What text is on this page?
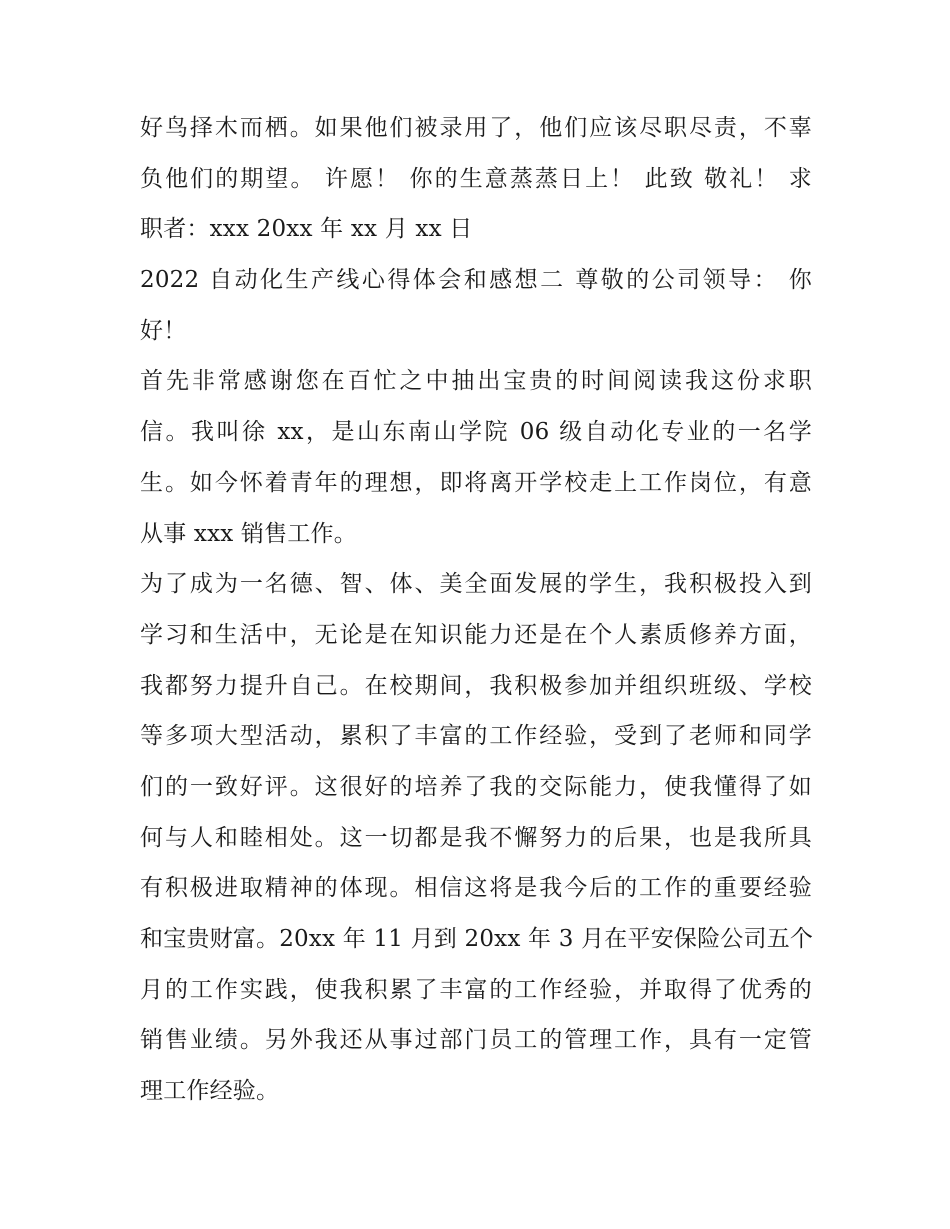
好鸟择木而栖。如果他们被录用了，他们应该尽职尽责，不辜
负他们的期望。 许愿！ 你的生意蒸蒸日上！ 此致 敬礼！ 求
职者：xxx 20xx 年 xx 月 xx 日
2022 自动化生产线心得体会和感想二 尊敬的公司领导： 你
好！
首先非常感谢您在百忙之中抽出宝贵的时间阅读我这份求职
信。我叫徐 xx，是山东南山学院 06 级自动化专业的一名学
生。如今怀着青年的理想，即将离开学校走上工作岗位，有意
从事 xxx 销售工作。
为了成为一名德、智、体、美全面发展的学生，我积极投入到
学习和生活中，无论是在知识能力还是在个人素质修养方面，
我都努力提升自己。在校期间，我积极参加并组织班级、学校
等多项大型活动，累积了丰富的工作经验，受到了老师和同学
们的一致好评。这很好的培养了我的交际能力，使我懂得了如
何与人和睦相处。这一切都是我不懈努力的后果，也是我所具
有积极进取精神的体现。相信这将是我今后的工作的重要经验
和宝贵财富。20xx 年 11 月到 20xx 年 3 月在平安保险公司五个
月的工作实践，使我积累了丰富的工作经验，并取得了优秀的
销售业绩。另外我还从事过部门员工的管理工作，具有一定管
理工作经验。
